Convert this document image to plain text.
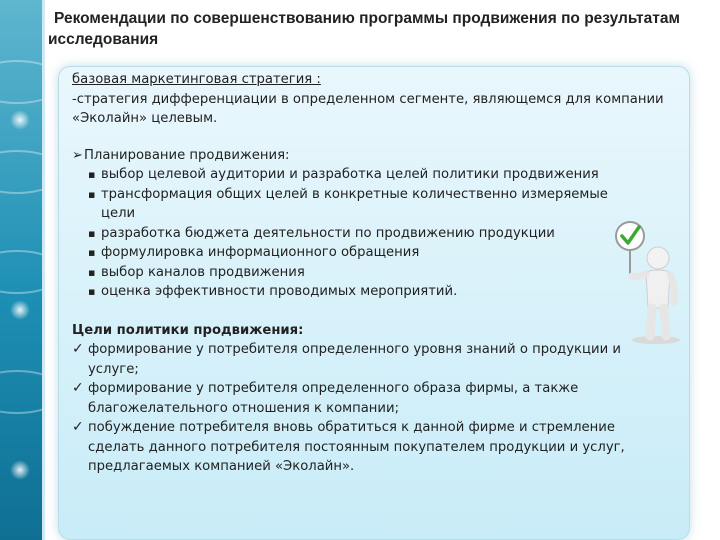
Рекомендации по совершенствованию программы продвижения по результатам
исследования
базовая маркетинговая стратегия :
-стратегия дифференциации в определенном сегменте, являющемся для компании «Эколайн» целевым.
➢ Планирование продвижения:
▪ выбор целевой аудитории и разработка целей политики продвижения
▪ трансформация общих целей в конкретные количественно измеряемые цели
▪ разработка бюджета деятельности по продвижению продукции
▪ формулировка информационного обращения
▪ выбор каналов продвижения
▪ оценка эффективности проводимых мероприятий.
Цели политики продвижения:
✓ формирование у потребителя определенного уровня знаний о продукции и услуге;
✓ формирование у потребителя определенного образа фирмы, а также благожелательного отношения к компании;
✓ побуждение потребителя вновь обратиться к данной фирме и стремление сделать данного потребителя постоянным покупателем продукции и услуг, предлагаемых компанией «Эколайн».
